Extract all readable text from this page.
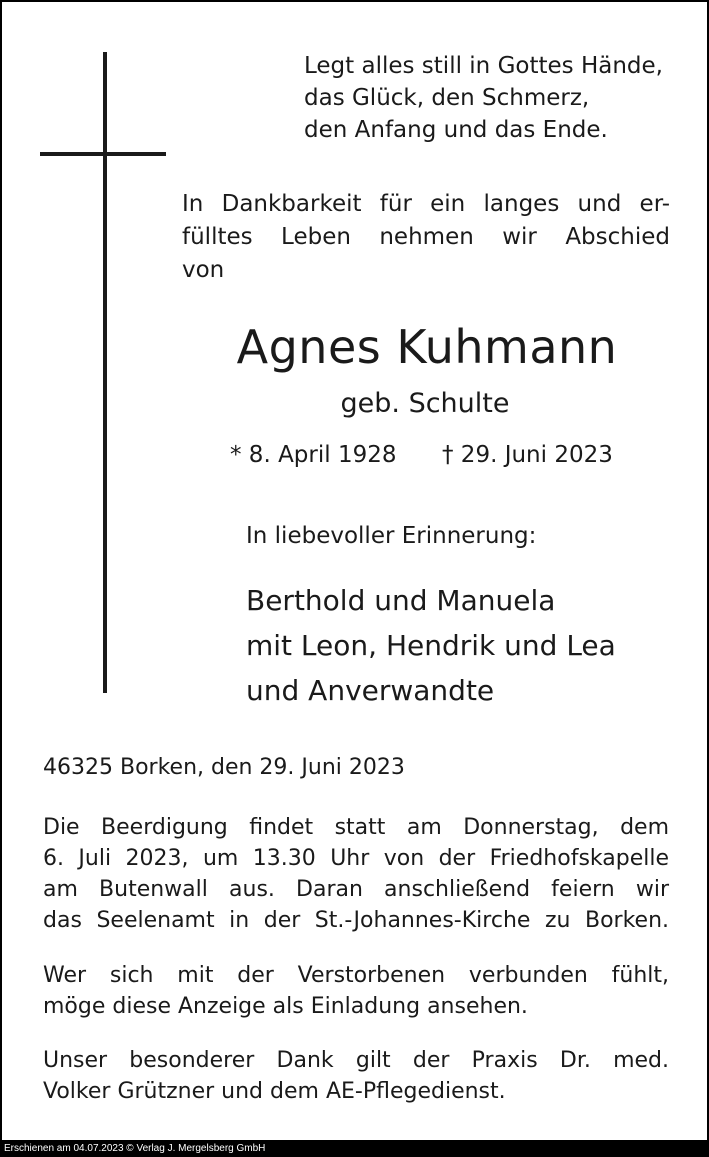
Legt alles still in Gottes Hände,
das Glück, den Schmerz,
den Anfang und das Ende.
In Dankbarkeit für ein langes und er-
fülltes Leben nehmen wir Abschied
von
Agnes Kuhmann
geb. Schulte
* 8. April 1928 † 29. Juni 2023
In liebevoller Erinnerung:
Berthold und Manuela
mit Leon, Hendrik und Lea
und Anverwandte
46325 Borken, den 29. Juni 2023
Die Beerdigung findet statt am Donnerstag, dem
6. Juli 2023, um 13.30 Uhr von der Friedhofskapelle
am Butenwall aus. Daran anschließend feiern wir
das Seelenamt in der St.-Johannes-Kirche zu Borken.
Wer sich mit der Verstorbenen verbunden fühlt,
möge diese Anzeige als Einladung ansehen.
Unser besonderer Dank gilt der Praxis Dr. med.
Volker Grützner und dem AE-Pflegedienst.
Erschienen am 04.07.2023 © Verlag J. Mergelsberg GmbH
